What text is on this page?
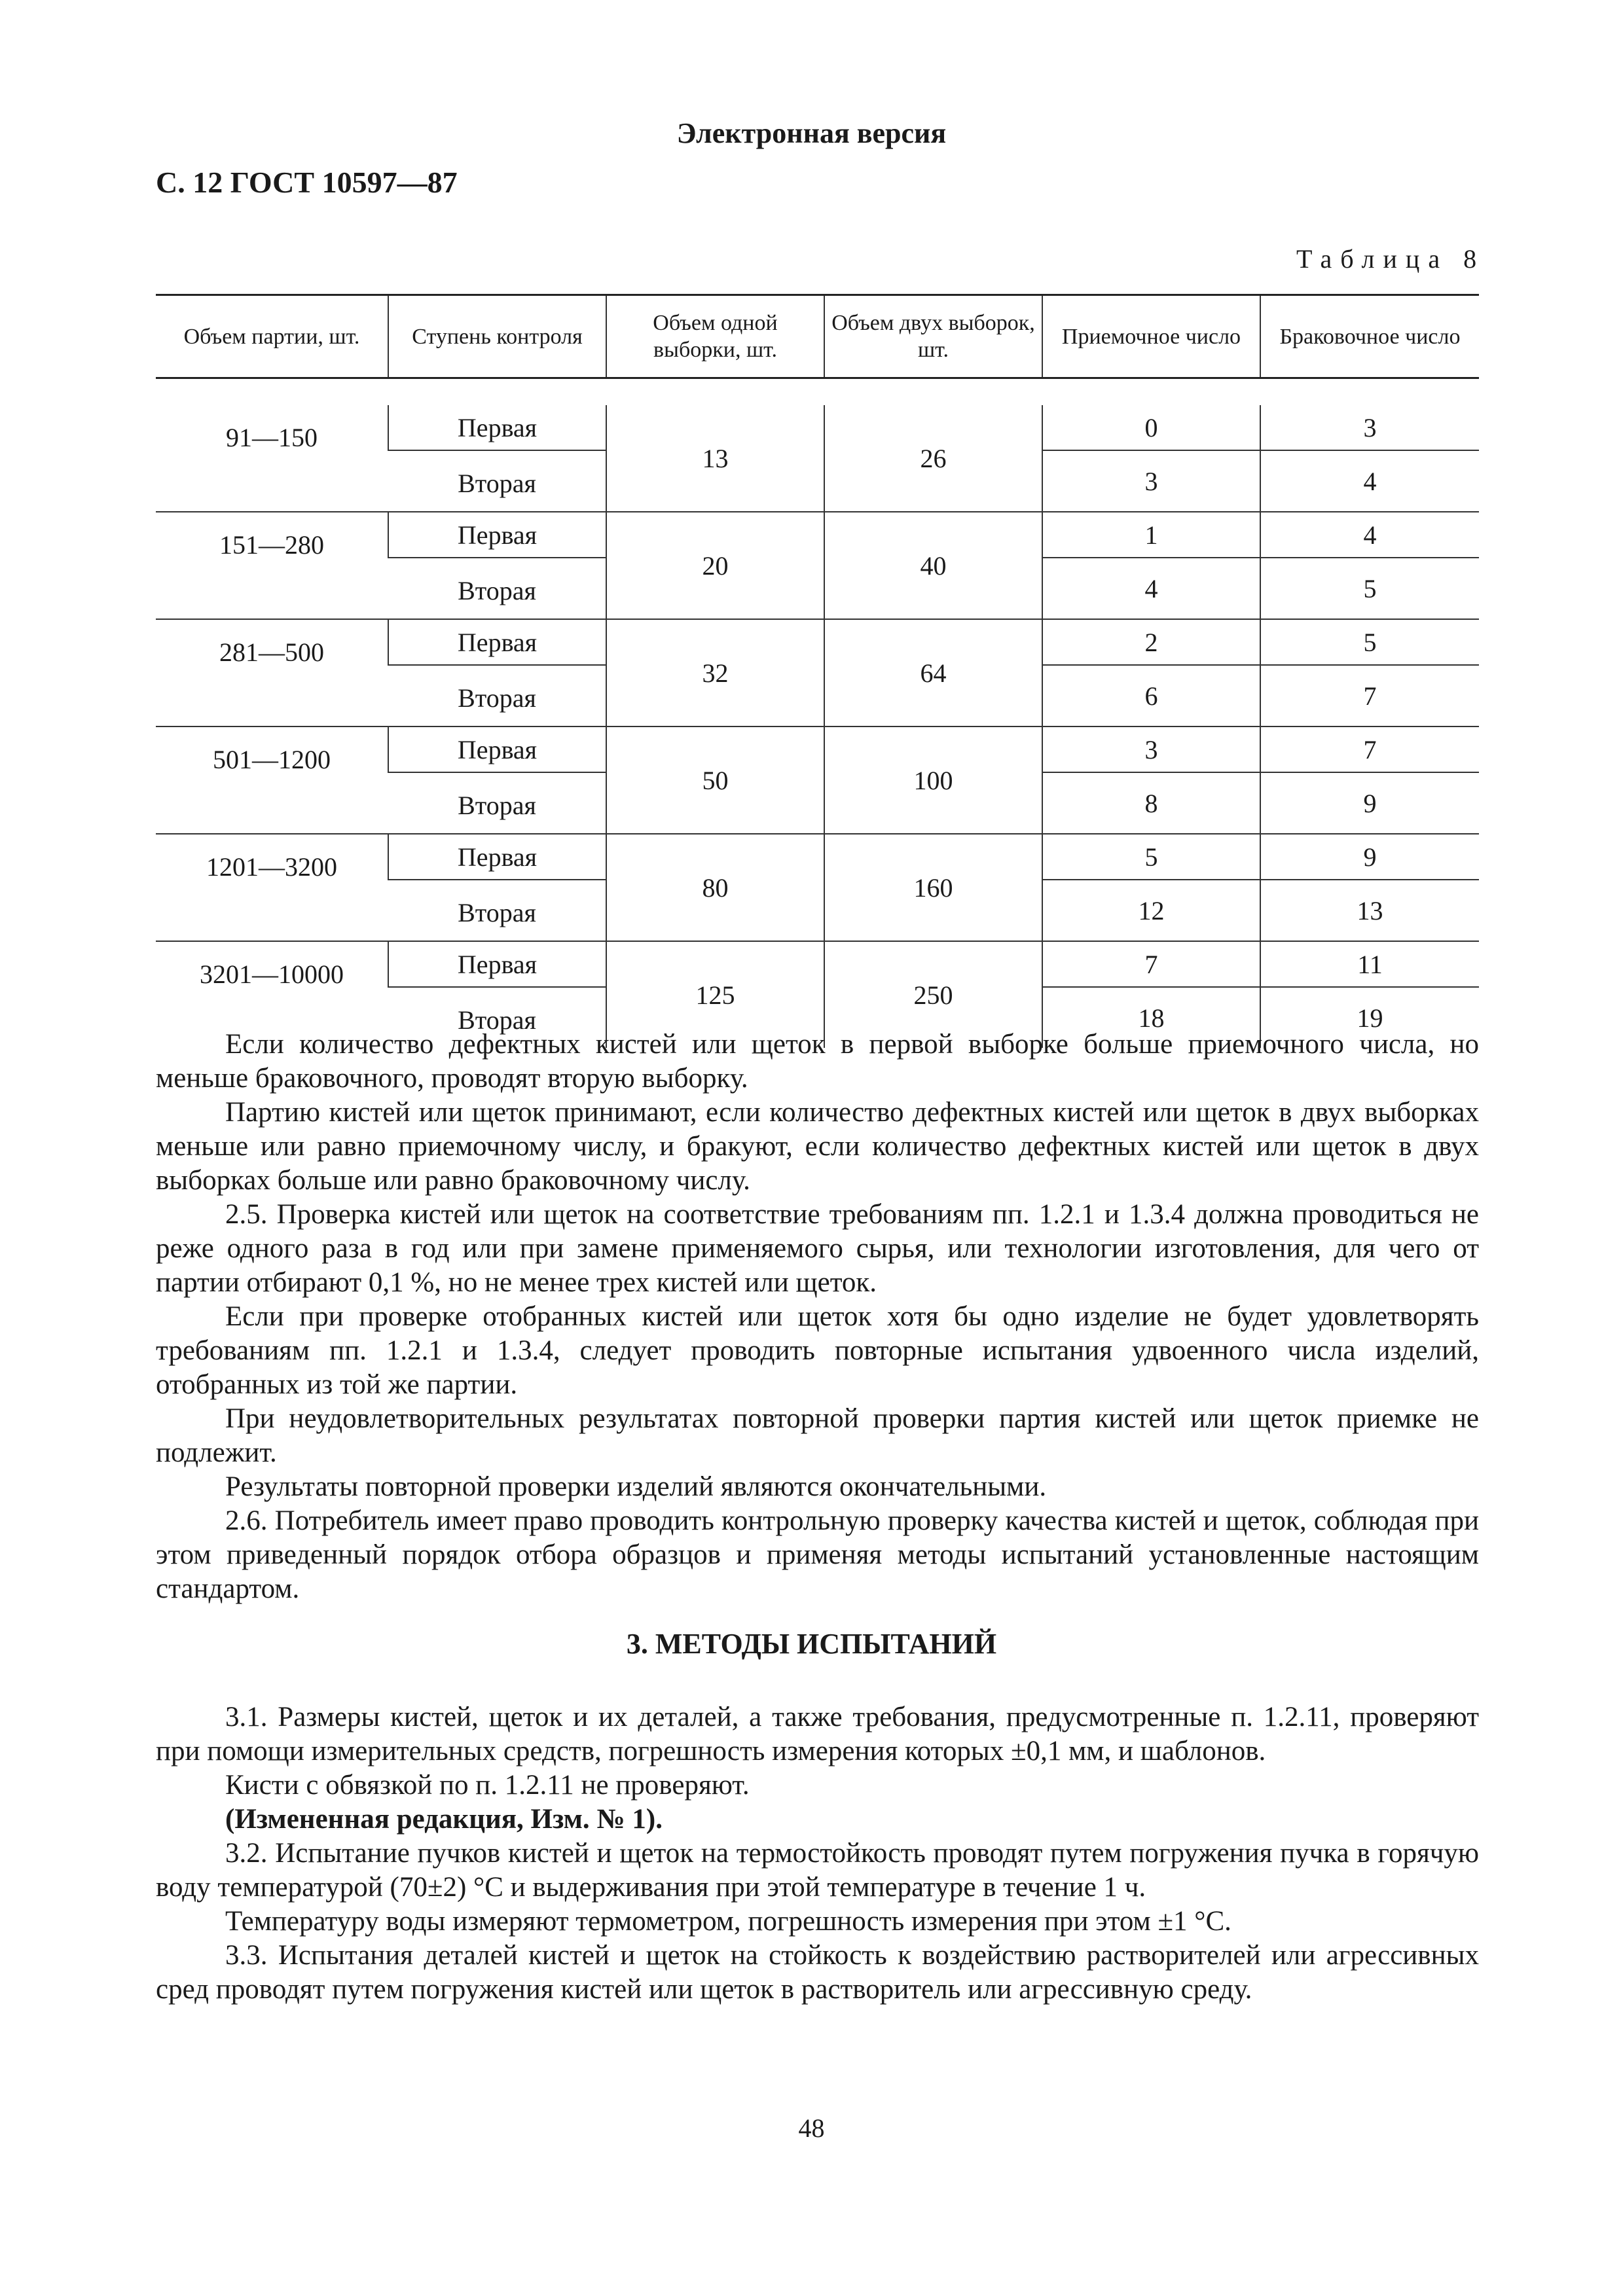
Электронная версия
С. 12 ГОСТ 10597—87
Таблица 8
Объем партии, шт.	Ступень контроля	Объем одной выборки, шт.	Объем двух выборок, шт.	Приемочное число	Браковочное число

91—150	Первая	13	26	0	3
	Вторая			3	4
151—280	Первая	20	40	1	4
	Вторая			4	5
281—500	Первая	32	64	2	5
	Вторая			6	7
501—1200	Первая	50	100	3	7
	Вторая			8	9
1201—3200	Первая	80	160	5	9
	Вторая			12	13
3201—10000	Первая	125	250	7	11
	Вторая			18	19

Если количество дефектных кистей или щеток в первой выборке больше приемочного числа, но меньше браковочного, проводят вторую выборку.

Партию кистей или щеток принимают, если количество дефектных кистей или щеток в двух выборках меньше или равно приемочному числу, и бракуют, если количество дефектных кистей или щеток в двух выборках больше или равно браковочному числу.

2.5. Проверка кистей или щеток на соответствие требованиям пп. 1.2.1 и 1.3.4 должна проводиться не реже одного раза в год или при замене применяемого сырья, или технологии изготовления, для чего от партии отбирают 0,1 %, но не менее трех кистей или щеток.

Если при проверке отобранных кистей или щеток хотя бы одно изделие не будет удовлетворять требованиям пп. 1.2.1 и 1.3.4, следует проводить повторные испытания удвоенного числа изделий, отобранных из той же партии.

При неудовлетворительных результатах повторной проверки партия кистей или щеток приемке не подлежит.

Результаты повторной проверки изделий являются окончательными.

2.6. Потребитель имеет право проводить контрольную проверку качества кистей и щеток, соблюдая при этом приведенный порядок отбора образцов и применяя методы испытаний установленные настоящим стандартом.

3. МЕТОДЫ ИСПЫТАНИЙ

3.1. Размеры кистей, щеток и их деталей, а также требования, предусмотренные п. 1.2.11, проверяют при помощи измерительных средств, погрешность измерения которых ±0,1 мм, и шаблонов.

Кисти с обвязкой по п. 1.2.11 не проверяют.

(Измененная редакция, Изм. № 1).

3.2. Испытание пучков кистей и щеток на термостойкость проводят путем погружения пучка в горячую воду температурой (70±2) °С и выдерживания при этой температуре в течение 1 ч.

Температуру воды измеряют термометром, погрешность измерения при этом ±1 °С.

3.3. Испытания деталей кистей и щеток на стойкость к воздействию растворителей или агрессивных сред проводят путем погружения кистей или щеток в растворитель или агрессивную среду.

48
